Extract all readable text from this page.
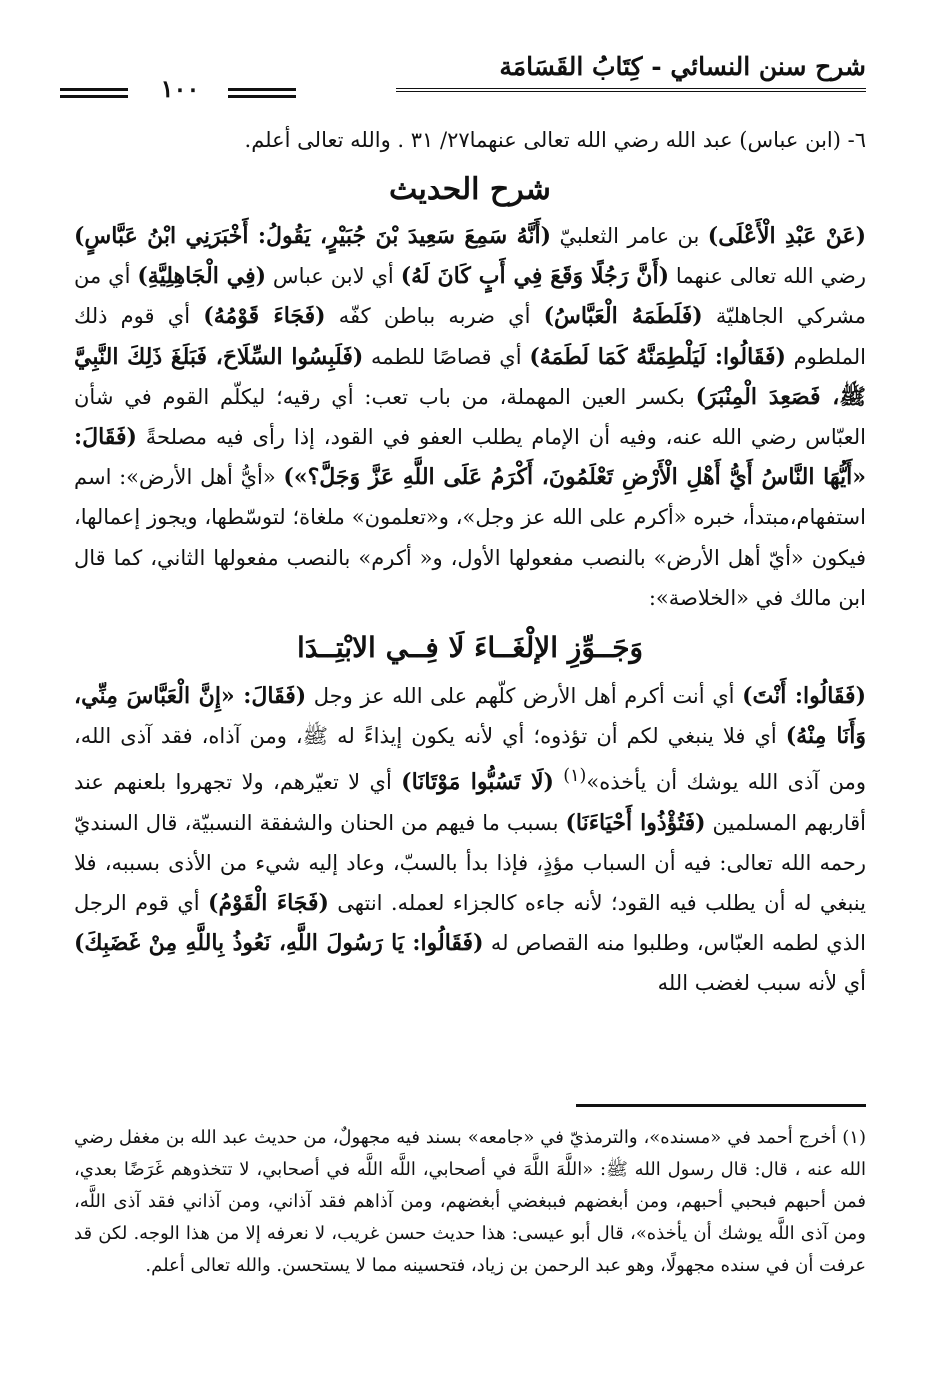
شرح سنن النسائي - كِتَابُ القَسَامَة
١٠٠
٦- (ابن عباس) عبد الله رضي الله تعالى عنهما٢٧/ ٣١ . والله تعالى أعلم.
شرح الحديث

(عَنْ عَبْدِ الْأَعْلَى) بن عامر الثعلبيّ (أَنَّهُ سَمِعَ سَعِيدَ بْنَ جُبَيْرٍ، يَقُولُ: أَخْبَرَنِي ابْنُ عَبَّاسٍ) رضي الله تعالى عنهما (أَنَّ رَجُلًا وَقَعَ فِي أَبٍ كَانَ لَهُ) أي لابن عباس (فِي الْجَاهِلِيَّةِ) أي من مشركي الجاهليّة (فَلَطَمَهُ الْعَبَّاسُ) أي ضربه بباطن كفّه (فَجَاءَ قَوْمُهُ) أي قوم ذلك الملطوم (فَقَالُوا: لَيَلْطِمَنَّهُ كَمَا لَطَمَهُ) أي قصاصًا للطمه (فَلَبِسُوا السِّلَاحَ، فَبَلَغَ ذَلِكَ النَّبِيَّ ﷺ، فَصَعِدَ الْمِنْبَرَ) بكسر العين المهملة، من باب تعب: أي رقيه؛ ليكلّم القوم في شأن العبّاس رضي الله عنه، وفيه أن الإمام يطلب العفو في القود، إذا رأى فيه مصلحةً (فَقَالَ: «أَيُّهَا النَّاسُ أَيُّ أَهْلِ الْأَرْضِ تَعْلَمُونَ، أَكْرَمُ عَلَى اللَّهِ عَزَّ وَجَلَّ؟») «أيُّ أهل الأرض»: اسم استفهام،مبتدأ، خبره «أكرم على الله عز وجل»، و«تعلمون» ملغاة؛ لتوسّطها، ويجوز إعمالها، فيكون «أيّ أهل الأرض» بالنصب مفعولها الأول، و« أكرم» بالنصب مفعولها الثاني، كما قال ابن مالك في «الخلاصة»:

وَجَــوِّزِ الإلْغَــاءَ لَا فِــي الابْتِــدَا

(فَقَالُوا: أَنْتَ) أي أنت أكرم أهل الأرض كلّهم على الله عز وجل (فَقَالَ: «إِنَّ الْعَبَّاسَ مِنِّي، وَأَنَا مِنْهُ) أي فلا ينبغي لكم أن تؤذوه؛ أي لأنه يكون إيذاءً له ﷺ، ومن آذاه، فقد آذى الله، ومن آذى الله يوشك أن يأخذه»$^{(١)}$ (لَا تَسُبُّوا مَوْتَانَا) أي لا تعيّرهم، ولا تجهروا بلعنهم عند أقاربهم المسلمين (فَتُؤْذُوا أَحْيَاءَنَا) بسبب ما فيهم من الحنان والشفقة النسبيّة، قال السنديّ رحمه الله تعالى: فيه أن السباب مؤذٍ، فإذا بدأ بالسبّ، وعاد إليه شيء من الأذى بسببه، فلا ينبغي له أن يطلب فيه القود؛ لأنه جاءه كالجزاء لعمله. انتهى (فَجَاءَ الْقَوْمُ) أي قوم الرجل الذي لطمه العبّاس، وطلبوا منه القصاص له (فَقَالُوا: يَا رَسُولَ اللَّهِ، نَعُوذُ بِاللَّهِ مِنْ غَضَبِكَ) أي لأنه سبب لغضب الله

(١) أخرج أحمد في «مسنده»، والترمذيّ في «جامعه» بسند فيه مجهولٌ، من حديث عبد الله بن مغفل رضي الله عنه ، قال: قال رسول الله ﷺ: «اللَّهَ اللَّهَ في أصحابي، اللَّه اللَّه في أصحابي، لا تتخذوهم غَرَضًا بعدي، فمن أحبهم فبحبي أحبهم، ومن أبغضهم فببغضي أبغضهم، ومن آذاهم فقد آذاني، ومن آذاني فقد آذى اللَّه، ومن آذى اللَّه يوشك أن يأخذه»، قال أبو عيسى: هذا حديث حسن غريب، لا نعرفه إلا من هذا الوجه. لكن قد عرفت أن في سنده مجهولًا، وهو عبد الرحمن بن زياد، فتحسينه مما لا يستحسن. والله تعالى أعلم.
